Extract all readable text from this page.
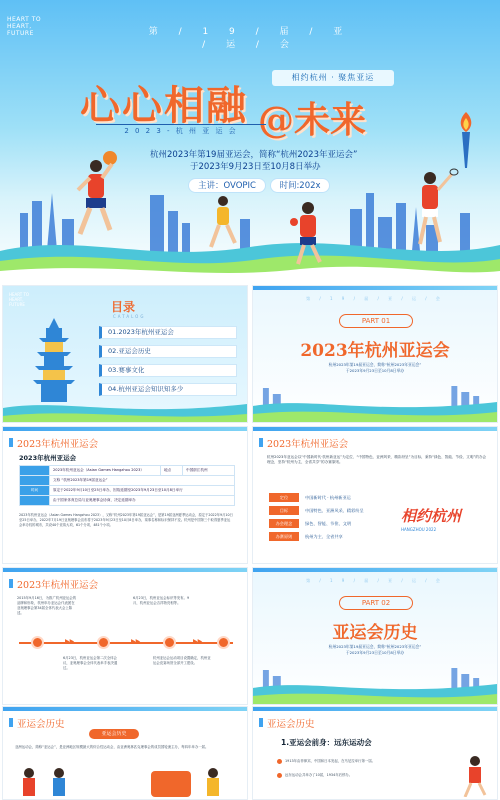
HEART TO
HEART,
FUTURE	第 / 1 9 / 届 / 亚 / 运 / 会
相约杭州 · 聚焦亚运
心心相融 @未来
2 0 2 3 - 杭 州 亚 运 会
杭州2023年第19届亚运会，简称“杭州2023年亚运会”
于2023年9月23日至10月8日举办
主讲：OVOPIC	时间:202x
HEART TO
HEART,
FUTURE	目录
CATALOG
01.2023年杭州亚运会
02.亚运会历史
03.赛事文化
04.杭州亚运会知识知多少
第 / 1 9 / 届 / 亚 / 运 / 会
PART 01
2023年杭州亚运会
杭州2023年第19届亚运会，简称“杭州2023年亚运会”
于2023年9月23日至10月8日举办
2023年杭州亚运会
2023年杭州亚运会
	2023年杭州亚运会（Asian Games Hangzhou 2023）	地点	中国浙江杭州
	文称 “杭州2023年第19届亚运会”		
时间	原定于2022年9月10日至25日举办，因故延期至2023年9月23日至10月8日举行		
	由于国家体育总局与亚奥理事会协商，决定延期举办		
2023年杭州亚运会（Asian Games Hangzhou 2023），又称“杭州2023年第19届亚运会”，是第19届亚洲夏季运动会，原定于2022年9月10日至25日举办，2022年7月19日亚奥理事会宣布将于2023年9月23日至10月8日举办，赛事名称和标识保持不变。杭州是中国第三个取得夏季亚运会举办权的城市，共设40个竞赛大项，61个分项，481个小项。
2023年杭州亚运会
杭州2023年亚运会以“中国新时代·杭州新亚运”为定位、“中国特色、亚洲风采、精彩纷呈”为目标，秉持“绿色、智能、节俭、文明”的办会理念，坚持“杭州为主，全省共享”的办赛原则。
定位	中国新时代 · 杭州新亚运
目标	中国特色、亚洲风采、精彩纷呈
办会理念	绿色、智能、节俭、文明
办赛原则	杭州为主、全省共享
相约杭州
HANGZHOU 2022
2023年杭州亚运会
2015年9月16日，为推广杭州亚运会的品牌和形象，杭州申办亚运会代表团在亚奥理事会第34届全体代表大会上陈述。
6月23日，杭州亚运会标识等发布。9月，杭州亚运会吉祥物亮相等。
▶▶	▶▶	▶▶
6月23日，杭州亚运会第二次全体会议，亚奥理事会全体代表举手表决通过。
杭州亚运会运动项目设置确定，杭州亚运会竞赛场馆全部开工建设。
第 / 1 9 / 届 / 亚 / 运 / 会
PART 02
亚运会历史
杭州2023年第19届亚运会，简称“杭州2023年亚运会”
于2023年9月23日至10月8日举办
亚运会历史
亚运会历史
亚洲运动会，简称“亚运会”，是亚洲地区规模最大的综合性运动会，由亚洲奥林匹克理事会的成员国轮流主办，每四年举办一届。
亚运会历史
1.亚运会前身：远东运动会
1913年由菲律宾、中国和日本发起，在马尼拉举行第一届。
远东运动会共举办了10届，1934年后停办。
